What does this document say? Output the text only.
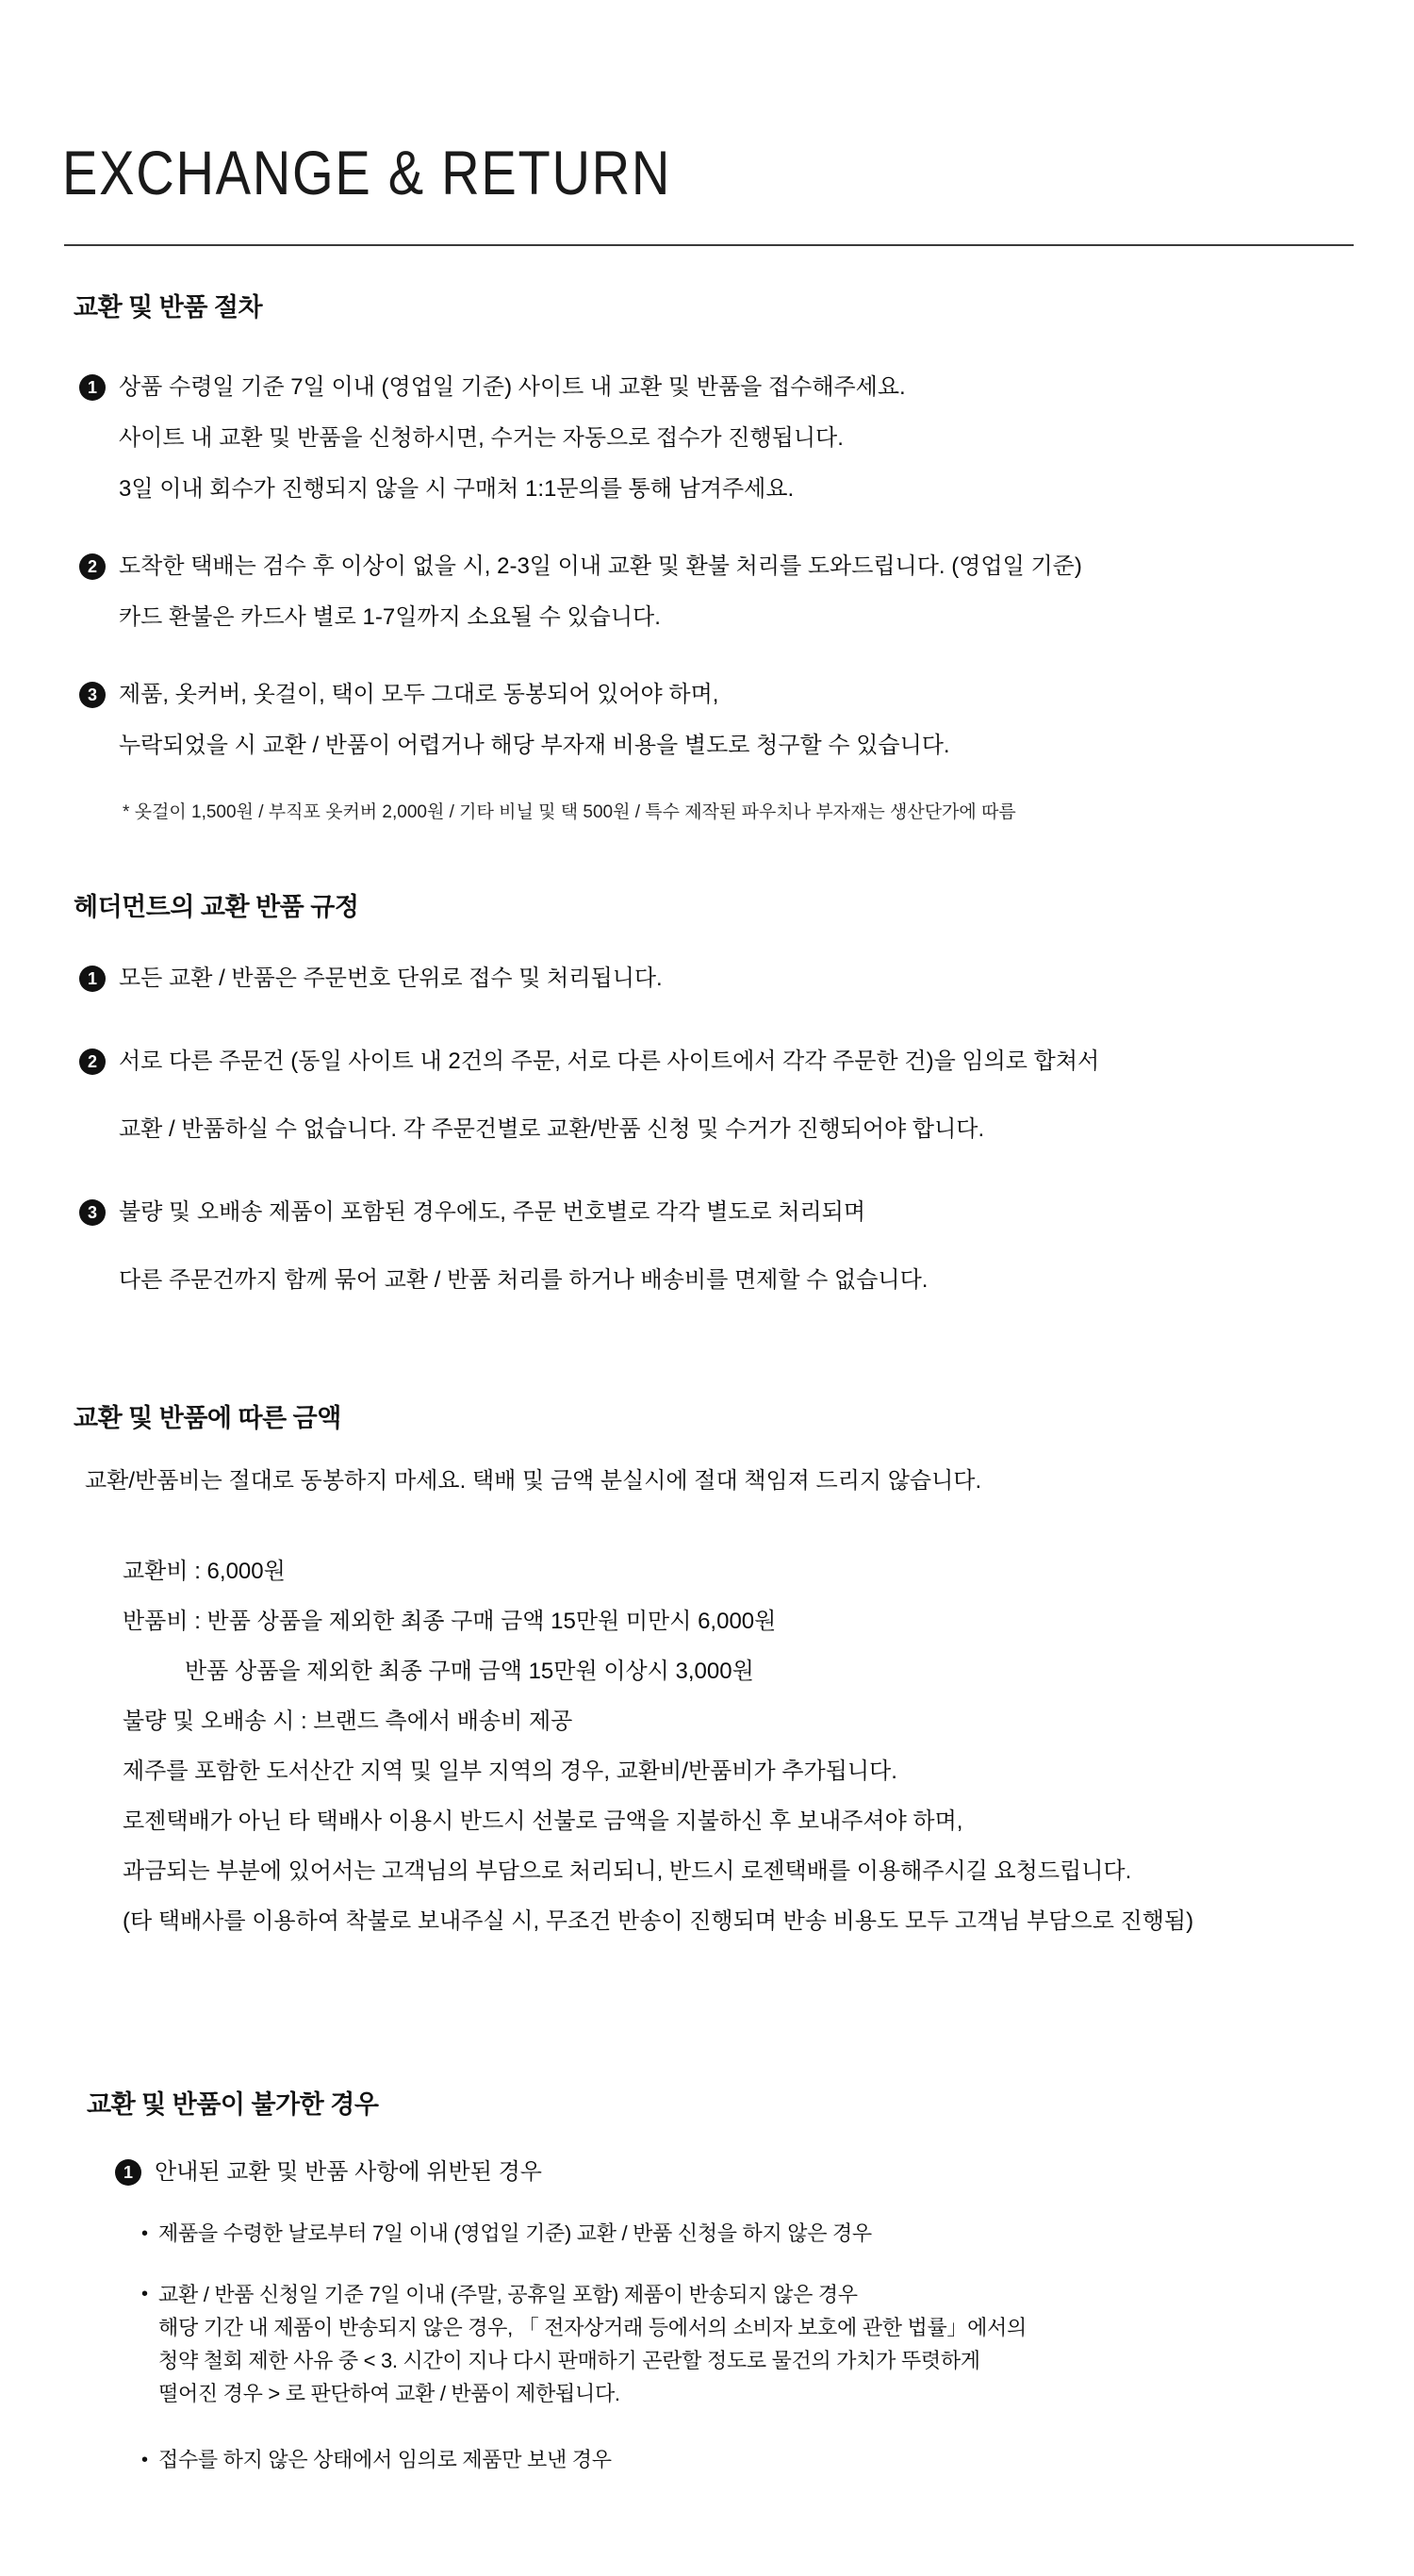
EXCHANGE & RETURN
교환 및 반품 절차
1 상품 수령일 기준 7일 이내 (영업일 기준) 사이트 내 교환 및 반품을 접수해주세요.
사이트 내 교환 및 반품을 신청하시면, 수거는 자동으로 접수가 진행됩니다.
3일 이내 회수가 진행되지 않을 시 구매처 1:1문의를 통해 남겨주세요.
2 도착한 택배는 검수 후 이상이 없을 시, 2-3일 이내 교환 및 환불 처리를 도와드립니다. (영업일 기준)
카드 환불은 카드사 별로 1-7일까지 소요될 수 있습니다.
3 제품, 옷커버, 옷걸이, 택이 모두 그대로 동봉되어 있어야 하며,
누락되었을 시 교환 / 반품이 어렵거나 해당 부자재 비용을 별도로 청구할 수 있습니다.
* 옷걸이 1,500원 / 부직포 옷커버 2,000원 / 기타 비닐 및 택 500원 / 특수 제작된 파우치나 부자재는 생산단가에 따름
헤더먼트의 교환 반품 규정
1 모든 교환 / 반품은 주문번호 단위로 접수 및 처리됩니다.
2 서로 다른 주문건 (동일 사이트 내 2건의 주문, 서로 다른 사이트에서 각각 주문한 건)을 임의로 합쳐서
교환 / 반품하실 수 없습니다. 각 주문건별로 교환/반품 신청 및 수거가 진행되어야 합니다.
3 불량 및 오배송 제품이 포함된 경우에도, 주문 번호별로 각각 별도로 처리되며
다른 주문건까지 함께 묶어 교환 / 반품 처리를 하거나 배송비를 면제할 수 없습니다.
교환 및 반품에 따른 금액
교환/반품비는 절대로 동봉하지 마세요. 택배 및 금액 분실시에 절대 책임져 드리지 않습니다.
교환비 : 6,000원
반품비 : 반품 상품을 제외한 최종 구매 금액 15만원 미만시 6,000원
반품 상품을 제외한 최종 구매 금액 15만원 이상시 3,000원
불량 및 오배송 시 : 브랜드 측에서 배송비 제공
제주를 포함한 도서산간 지역 및 일부 지역의 경우, 교환비/반품비가 추가됩니다.
로젠택배가 아닌 타 택배사 이용시 반드시 선불로 금액을 지불하신 후 보내주셔야 하며,
과금되는 부분에 있어서는 고객님의 부담으로 처리되니, 반드시 로젠택배를 이용해주시길 요청드립니다.
(타 택배사를 이용하여 착불로 보내주실 시, 무조건 반송이 진행되며 반송 비용도 모두 고객님 부담으로 진행됨)
교환 및 반품이 불가한 경우
1 안내된 교환 및 반품 사항에 위반된 경우
• 제품을 수령한 날로부터 7일 이내 (영업일 기준) 교환 / 반품 신청을 하지 않은 경우
• 교환 / 반품 신청일 기준 7일 이내 (주말, 공휴일 포함) 제품이 반송되지 않은 경우
해당 기간 내 제품이 반송되지 않은 경우, 「 전자상거래 등에서의 소비자 보호에 관한 법률」에서의
청약 철회 제한 사유 중 < 3. 시간이 지나 다시 판매하기 곤란할 정도로 물건의 가치가 뚜렷하게
떨어진 경우 > 로 판단하여 교환 / 반품이 제한됩니다.
• 접수를 하지 않은 상태에서 임의로 제품만 보낸 경우
